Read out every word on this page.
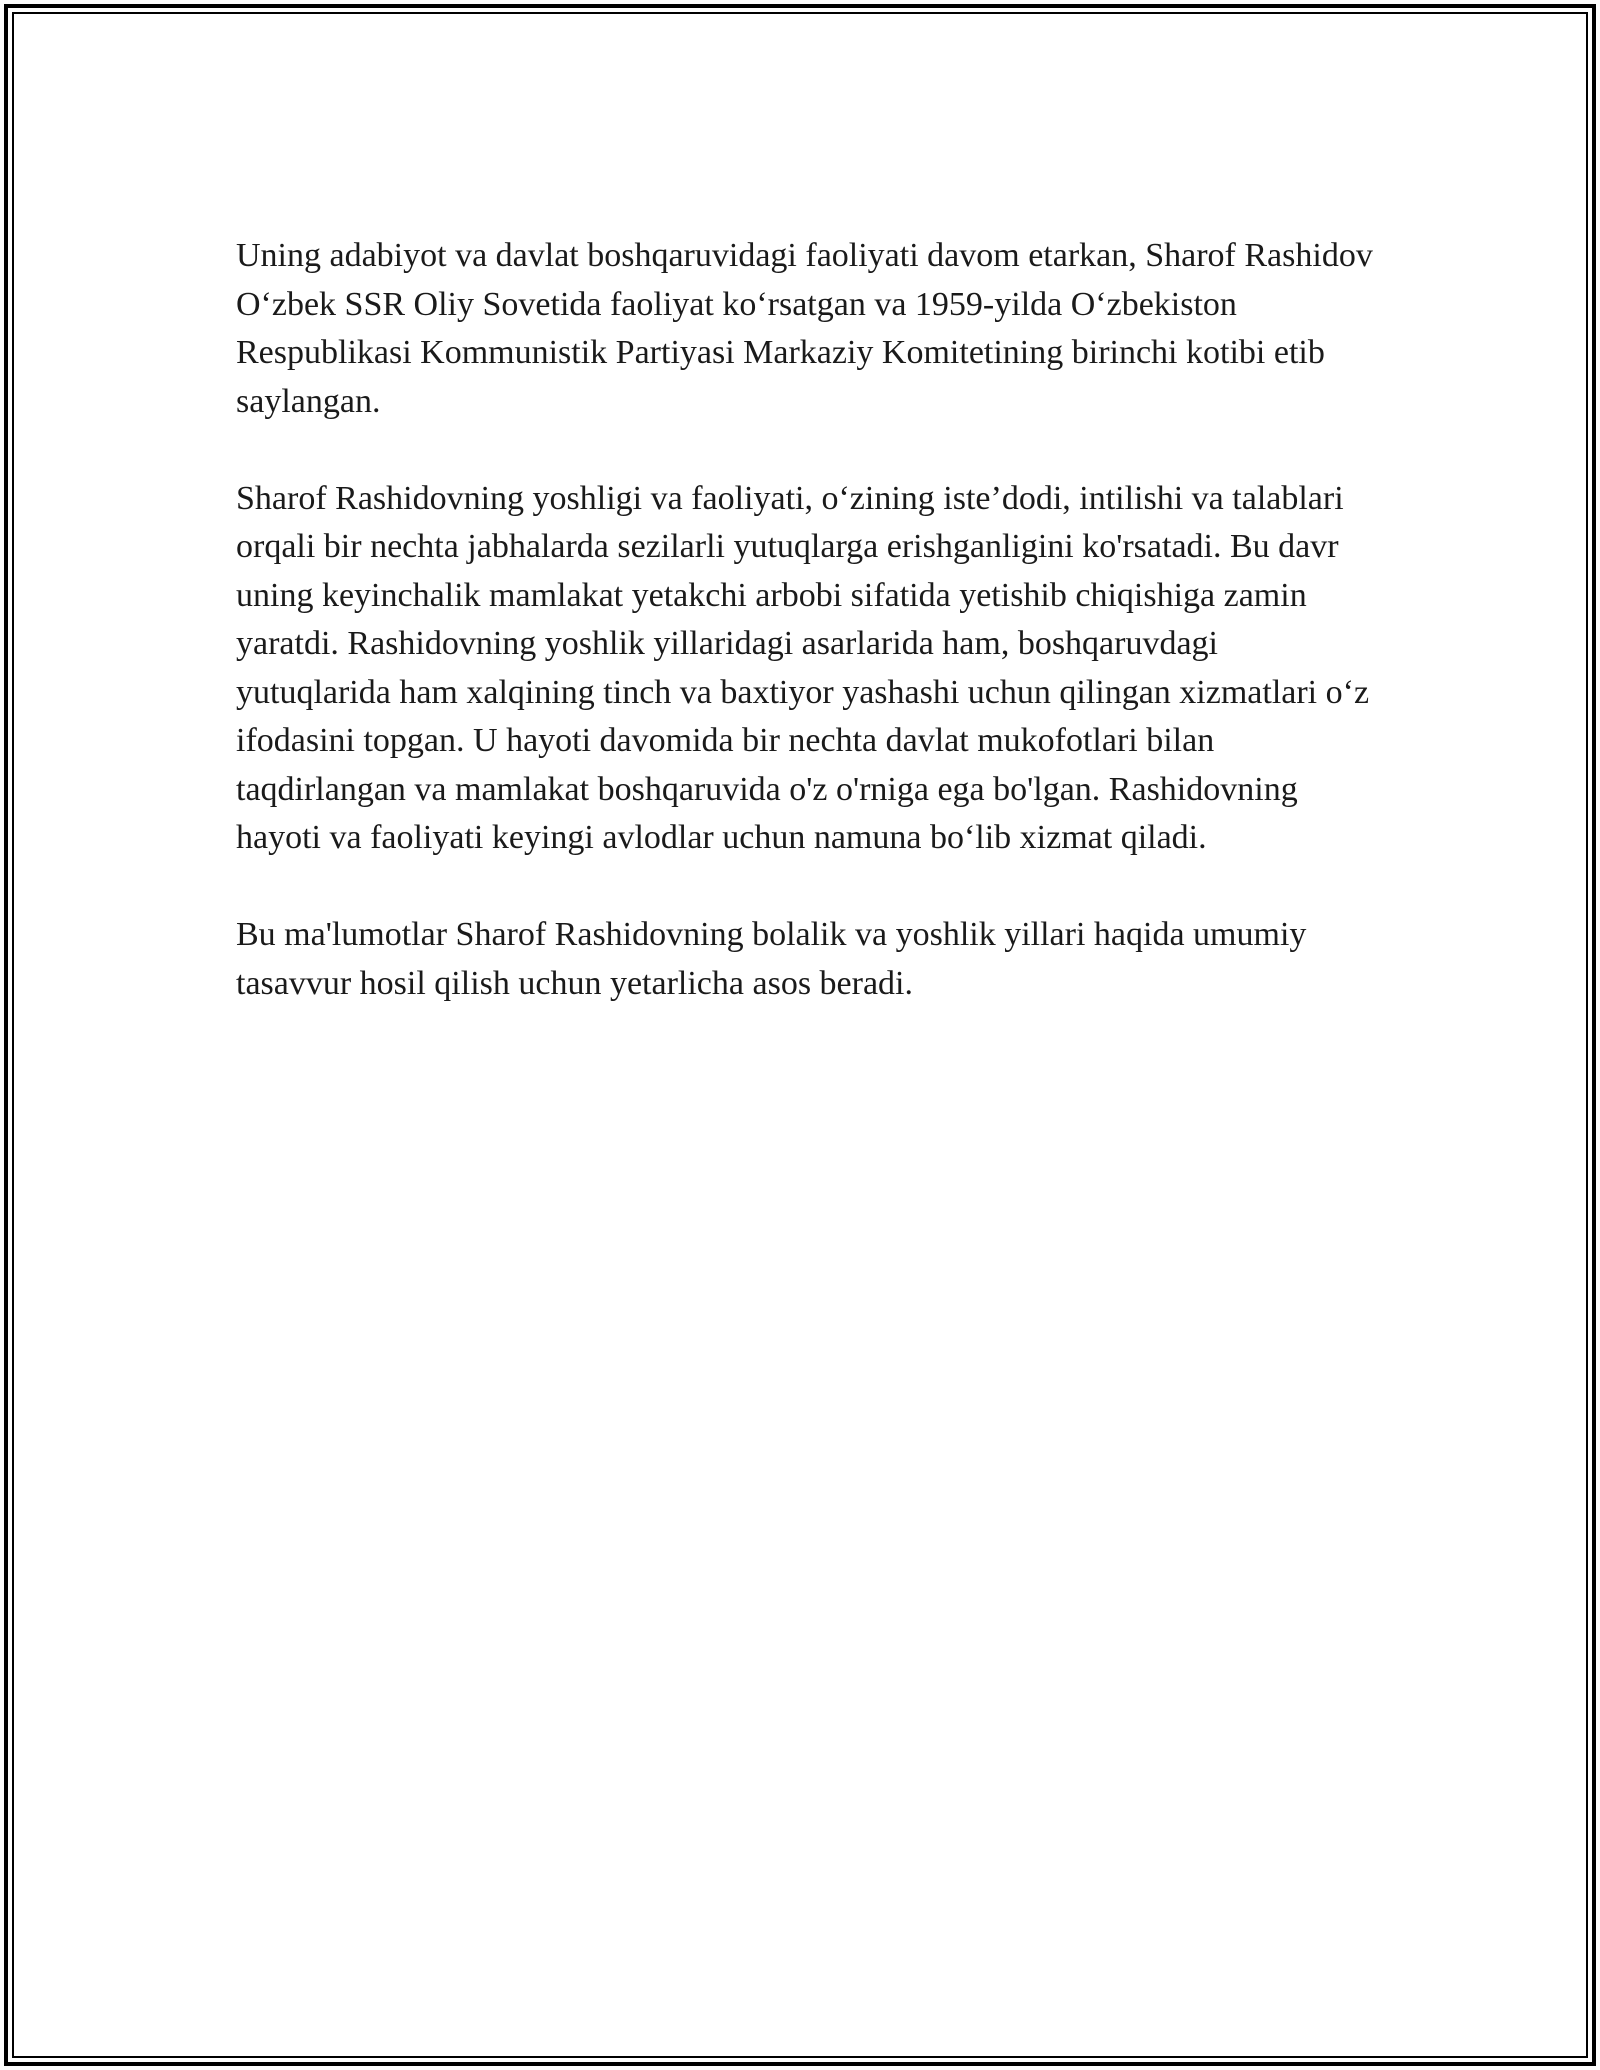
Uning adabiyot va davlat boshqaruvidagi faoliyati davom etarkan, Sharof Rashidov O‘zbek SSR Oliy Sovetida faoliyat ko‘rsatgan va 1959-yilda O‘zbekiston Respublikasi Kommunistik Partiyasi Markaziy Komitetining birinchi kotibi etib saylangan.

Sharof Rashidovning yoshligi va faoliyati, o‘zining iste’dodi, intilishi va talablari orqali bir nechta jabhalarda sezilarli yutuqlarga erishganligini ko'rsatadi. Bu davr uning keyinchalik mamlakat yetakchi arbobi sifatida yetishib chiqishiga zamin yaratdi. Rashidovning yoshlik yillaridagi asarlarida ham, boshqaruvdagi yutuqlarida ham xalqining tinch va baxtiyor yashashi uchun qilingan xizmatlari o‘z ifodasini topgan. U hayoti davomida bir nechta davlat mukofotlari bilan taqdirlangan va mamlakat boshqaruvida o'z o'rniga ega bo'lgan. Rashidovning hayoti va faoliyati keyingi avlodlar uchun namuna bo‘lib xizmat qiladi.

Bu ma'lumotlar Sharof Rashidovning bolalik va yoshlik yillari haqida umumiy tasavvur hosil qilish uchun yetarlicha asos beradi.
